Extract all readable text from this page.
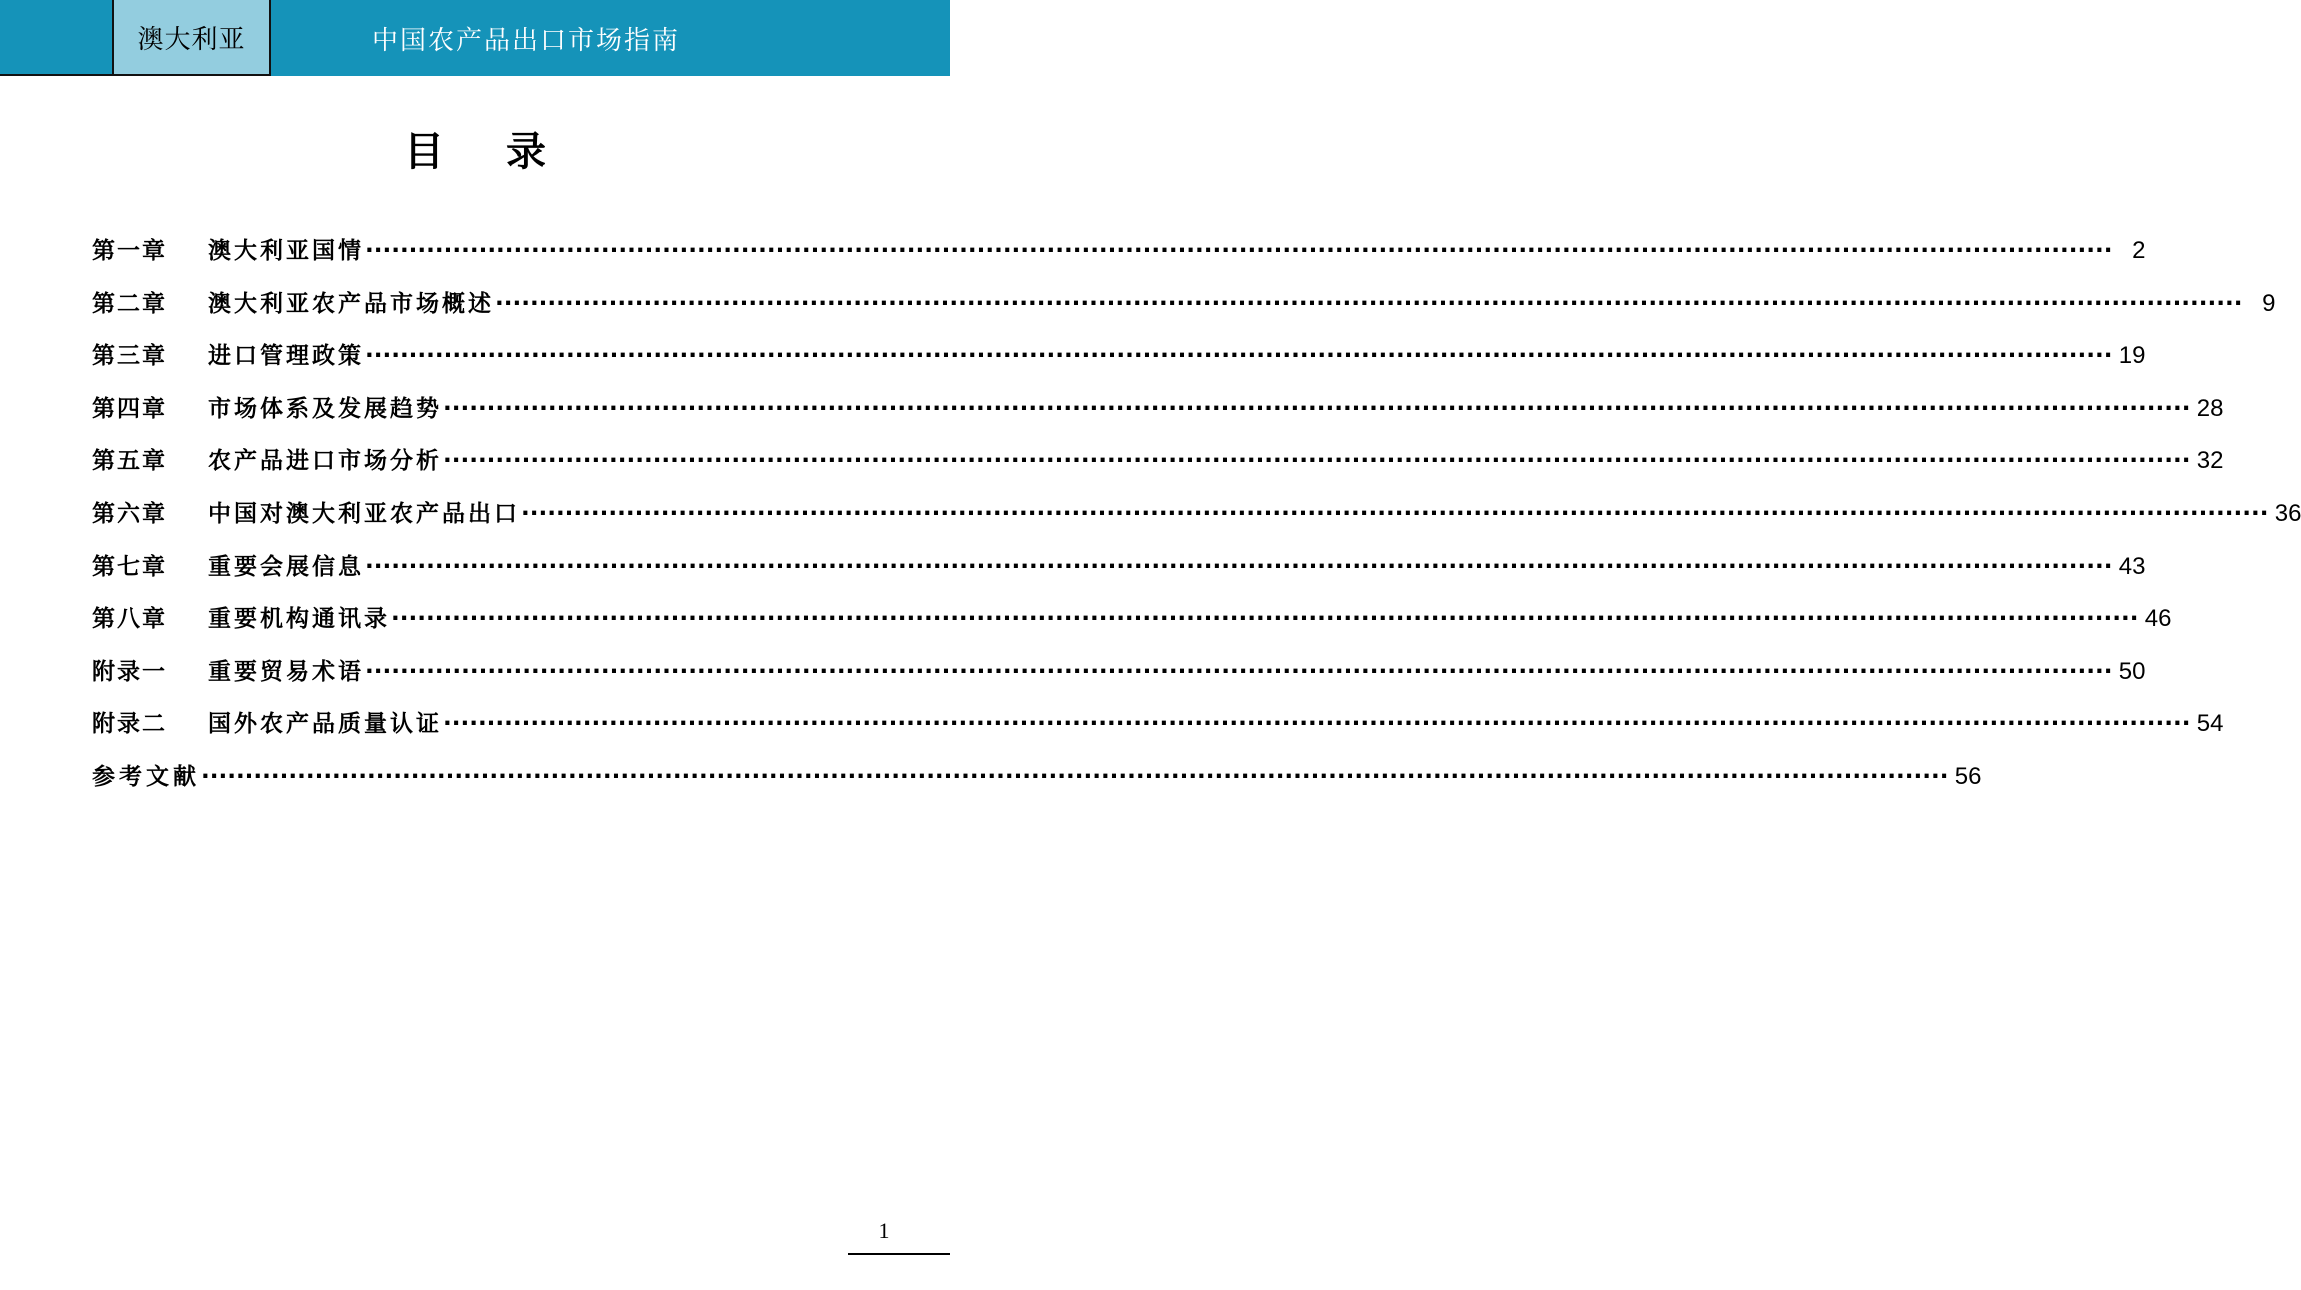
澳大利亚	中国农产品出口市场指南
目录
第一章	澳大利亚国情 ········································································································································································································ 2
第二章	澳大利亚农产品市场概述 ········································································································································································································ 9
第三章	进口管理政策 ········································································································································································································ 19
第四章	市场体系及发展趋势 ········································································································································································································ 28
第五章	农产品进口市场分析 ········································································································································································································ 32
第六章	中国对澳大利亚农产品出口 ········································································································································································································ 36
第七章	重要会展信息 ········································································································································································································ 43
第八章	重要机构通讯录 ········································································································································································································ 46
附录一	重要贸易术语 ········································································································································································································ 50
附录二	国外农产品质量认证 ········································································································································································································ 54
参考文献 ········································································································································································································ 56
1
